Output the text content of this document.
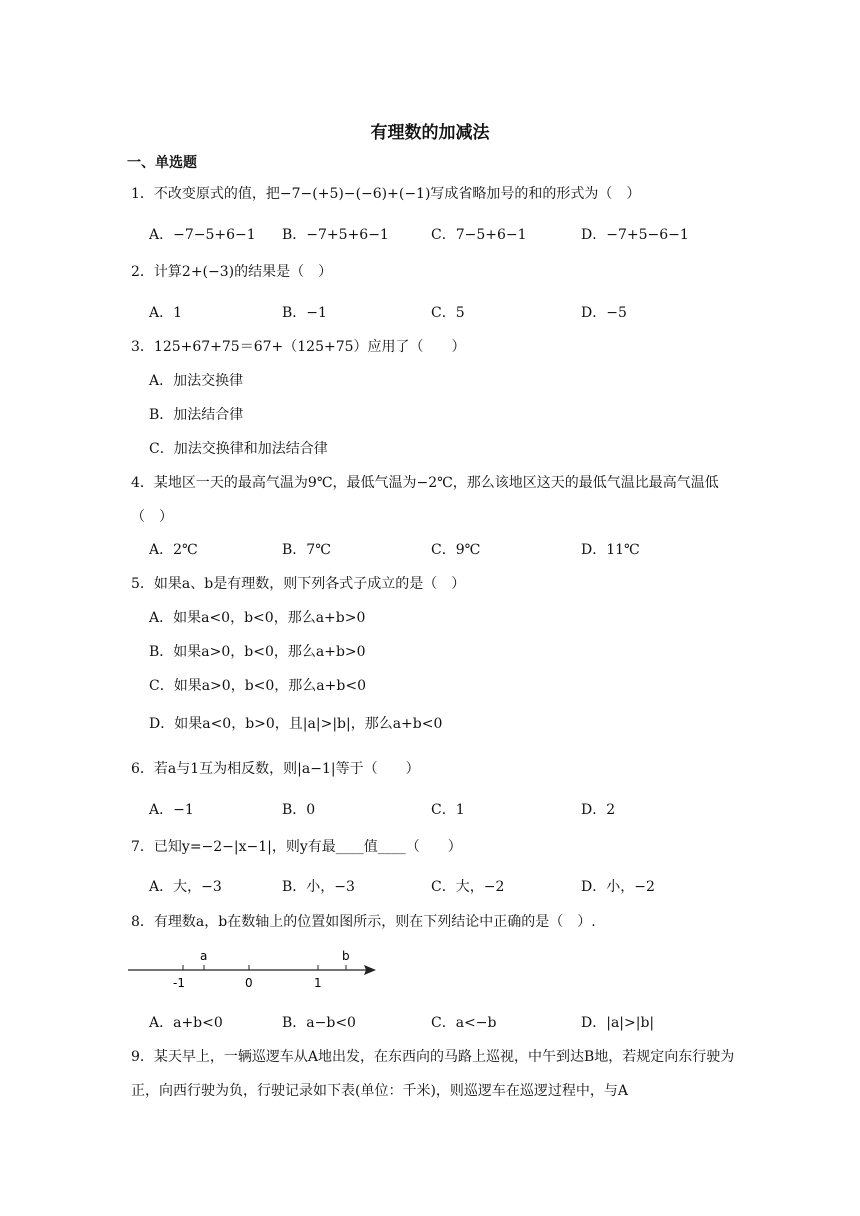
有理数的加减法
一、单选题
1．不改变原式的值，把−7−(+5)−(−6)+(−1)写成省略加号的和的形式为（　）
A．−7−5+6−1 B．−7+5+6−1	C．7−5+6−1	D．−7+5−6−1
2．计算2+(−3)的结果是（　）
A．1	B．−1	C．5	D．−5
3．125+67+75＝67+（125+75）应用了（　　）
A．加法交换律
B．加法结合律
C．加法交换律和加法结合律
4．某地区一天的最高气温为9℃，最低气温为−2℃，那么该地区这天的最低气温比最高气温低（　）
A．2℃	B．7℃	C．9℃	D．11℃
5．如果a、b是有理数，则下列各式子成立的是（　）
A．如果a<0，b<0，那么a+b>0
B．如果a>0，b<0，那么a+b>0
C．如果a>0，b<0，那么a+b<0
D．如果a<0，b>0，且|a|>|b|，那么a+b<0
6．若a与1互为相反数，则|a−1|等于（　　）
A．−1	B．0	C．1	D．2
7．已知y=−2−|x−1|，则y有最____值____（　　）
A．大，−3	B．小，−3	C．大，−2	D．小，−2
8．有理数a，b在数轴上的位置如图所示，则在下列结论中正确的是（　）.
a	b
-1	0	1
A．a+b<0	B．a−b<0	C．a<−b	D．|a|>|b|
9．某天早上，一辆巡逻车从A地出发，在东西向的马路上巡视，中午到达B地，若规定向东行驶为正，向西行驶为负，行驶记录如下表(单位：千米)，则巡逻车在巡逻过程中，与A
